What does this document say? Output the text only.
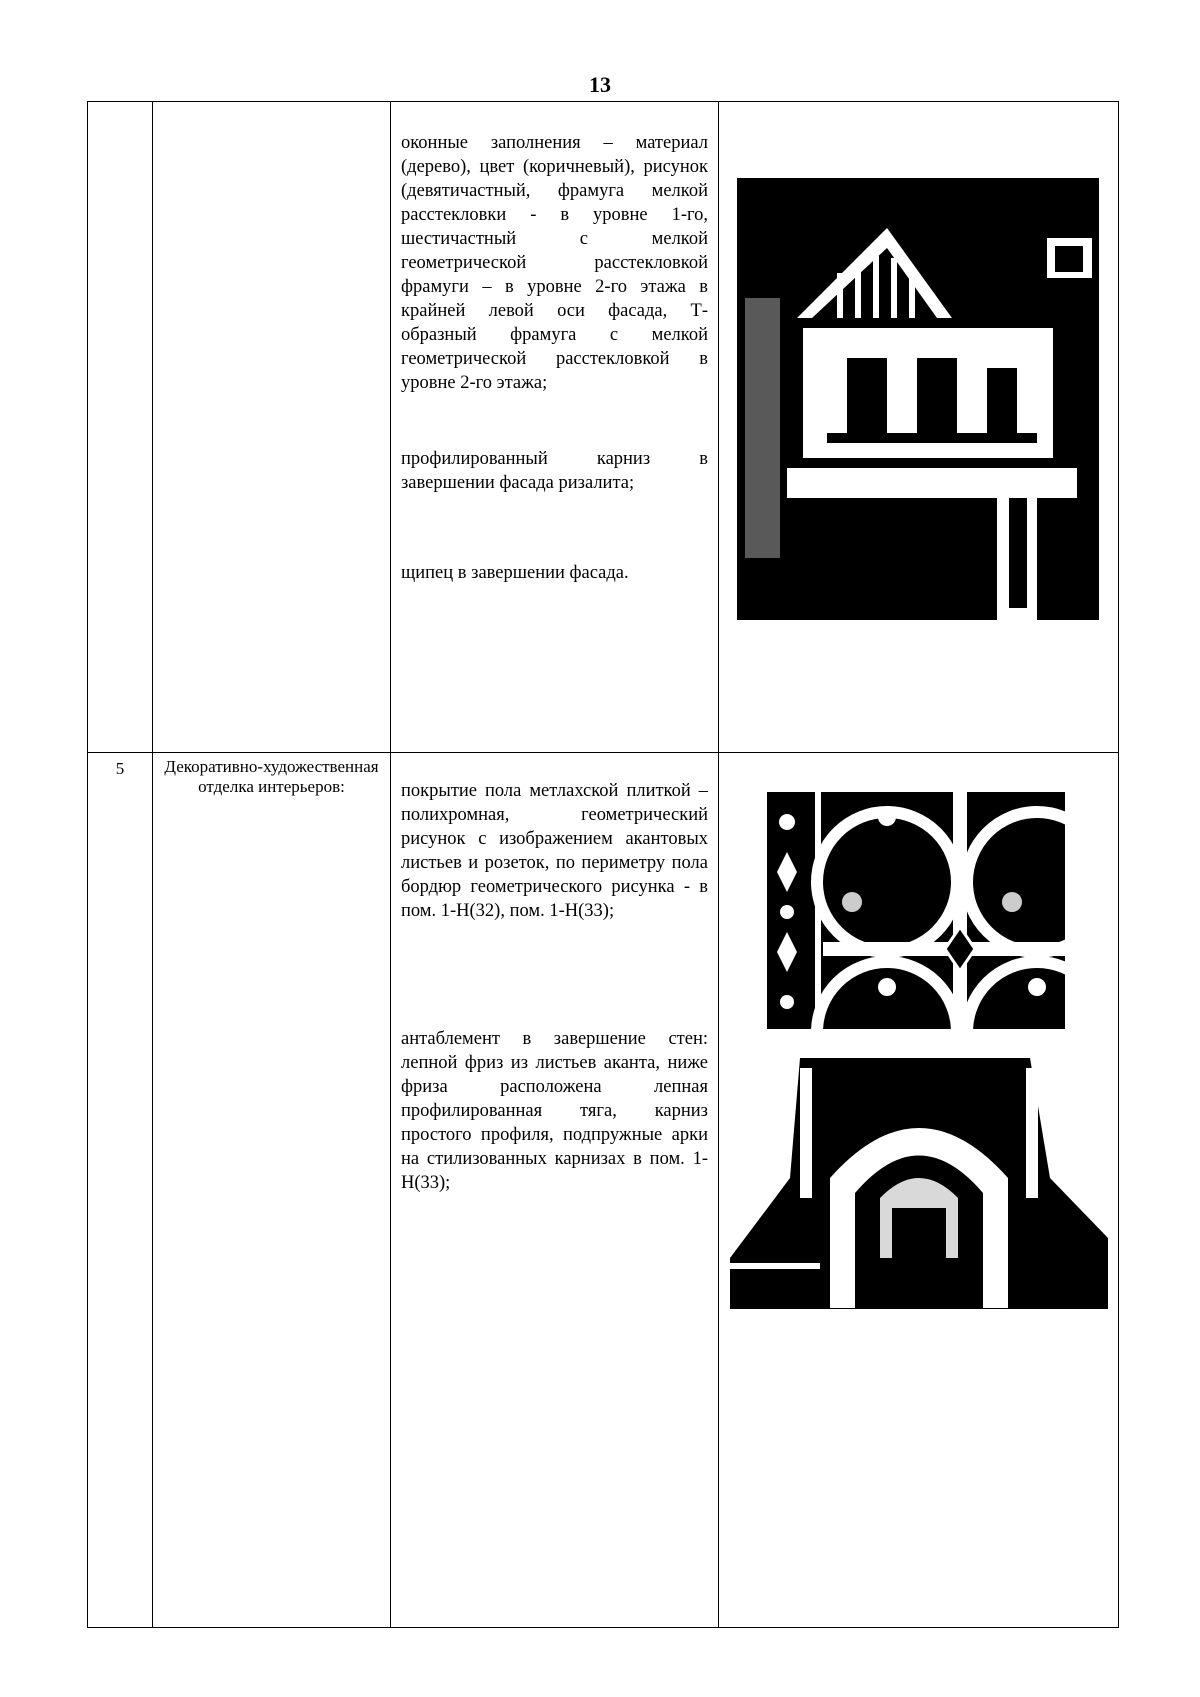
13

		оконные заполнения – материал (дерево), цвет (коричневый), рисунок (девятичастный, фрамуга мелкой расстекловки - в уровне 1-го, шестичастный с мелкой геометрической расстекловкой фрамуги – в уровне 2-го этажа в крайней левой оси фасада, Т-образный фрамуга с мелкой геометрической расстекловкой в уровне 2-го этажа;

профилированный карниз в завершении фасада ризалита;

щипец в завершении фасада.

5	Декоративно-художественная отделка интерьеров:	покрытие пола метлахской плиткой – полихромная, геометрический рисунок с изображением акантовых листьев и розеток, по периметру пола бордюр геометрического рисунка - в пом. 1-Н(32), пом. 1-Н(33);

антаблемент в завершение стен: лепной фриз из листьев аканта, ниже фриза расположена лепная профилированная тяга, карниз простого профиля, подпружные арки на стилизованных карнизах в пом. 1-Н(33);
